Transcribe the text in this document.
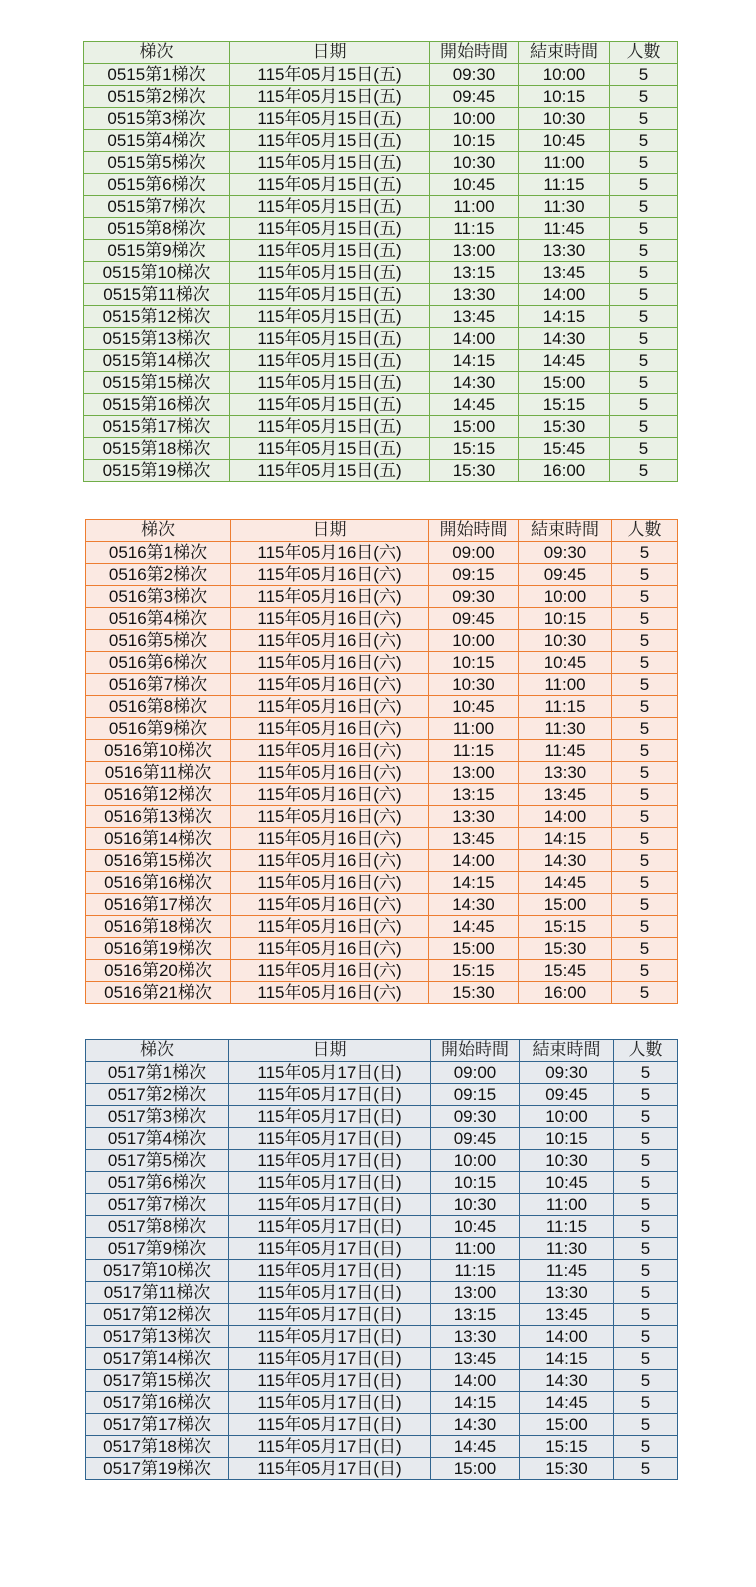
梯次	日期	開始時間	結束時間	人數
0515第1梯次	115年05月15日(五)	09:30	10:00	5
0515第2梯次	115年05月15日(五)	09:45	10:15	5
0515第3梯次	115年05月15日(五)	10:00	10:30	5
0515第4梯次	115年05月15日(五)	10:15	10:45	5
0515第5梯次	115年05月15日(五)	10:30	11:00	5
0515第6梯次	115年05月15日(五)	10:45	11:15	5
0515第7梯次	115年05月15日(五)	11:00	11:30	5
0515第8梯次	115年05月15日(五)	11:15	11:45	5
0515第9梯次	115年05月15日(五)	13:00	13:30	5
0515第10梯次	115年05月15日(五)	13:15	13:45	5
0515第11梯次	115年05月15日(五)	13:30	14:00	5
0515第12梯次	115年05月15日(五)	13:45	14:15	5
0515第13梯次	115年05月15日(五)	14:00	14:30	5
0515第14梯次	115年05月15日(五)	14:15	14:45	5
0515第15梯次	115年05月15日(五)	14:30	15:00	5
0515第16梯次	115年05月15日(五)	14:45	15:15	5
0515第17梯次	115年05月15日(五)	15:00	15:30	5
0515第18梯次	115年05月15日(五)	15:15	15:45	5
0515第19梯次	115年05月15日(五)	15:30	16:00	5
梯次	日期	開始時間	結束時間	人數
0516第1梯次	115年05月16日(六)	09:00	09:30	5
0516第2梯次	115年05月16日(六)	09:15	09:45	5
0516第3梯次	115年05月16日(六)	09:30	10:00	5
0516第4梯次	115年05月16日(六)	09:45	10:15	5
0516第5梯次	115年05月16日(六)	10:00	10:30	5
0516第6梯次	115年05月16日(六)	10:15	10:45	5
0516第7梯次	115年05月16日(六)	10:30	11:00	5
0516第8梯次	115年05月16日(六)	10:45	11:15	5
0516第9梯次	115年05月16日(六)	11:00	11:30	5
0516第10梯次	115年05月16日(六)	11:15	11:45	5
0516第11梯次	115年05月16日(六)	13:00	13:30	5
0516第12梯次	115年05月16日(六)	13:15	13:45	5
0516第13梯次	115年05月16日(六)	13:30	14:00	5
0516第14梯次	115年05月16日(六)	13:45	14:15	5
0516第15梯次	115年05月16日(六)	14:00	14:30	5
0516第16梯次	115年05月16日(六)	14:15	14:45	5
0516第17梯次	115年05月16日(六)	14:30	15:00	5
0516第18梯次	115年05月16日(六)	14:45	15:15	5
0516第19梯次	115年05月16日(六)	15:00	15:30	5
0516第20梯次	115年05月16日(六)	15:15	15:45	5
0516第21梯次	115年05月16日(六)	15:30	16:00	5
梯次	日期	開始時間	結束時間	人數
0517第1梯次	115年05月17日(日)	09:00	09:30	5
0517第2梯次	115年05月17日(日)	09:15	09:45	5
0517第3梯次	115年05月17日(日)	09:30	10:00	5
0517第4梯次	115年05月17日(日)	09:45	10:15	5
0517第5梯次	115年05月17日(日)	10:00	10:30	5
0517第6梯次	115年05月17日(日)	10:15	10:45	5
0517第7梯次	115年05月17日(日)	10:30	11:00	5
0517第8梯次	115年05月17日(日)	10:45	11:15	5
0517第9梯次	115年05月17日(日)	11:00	11:30	5
0517第10梯次	115年05月17日(日)	11:15	11:45	5
0517第11梯次	115年05月17日(日)	13:00	13:30	5
0517第12梯次	115年05月17日(日)	13:15	13:45	5
0517第13梯次	115年05月17日(日)	13:30	14:00	5
0517第14梯次	115年05月17日(日)	13:45	14:15	5
0517第15梯次	115年05月17日(日)	14:00	14:30	5
0517第16梯次	115年05月17日(日)	14:15	14:45	5
0517第17梯次	115年05月17日(日)	14:30	15:00	5
0517第18梯次	115年05月17日(日)	14:45	15:15	5
0517第19梯次	115年05月17日(日)	15:00	15:30	5
